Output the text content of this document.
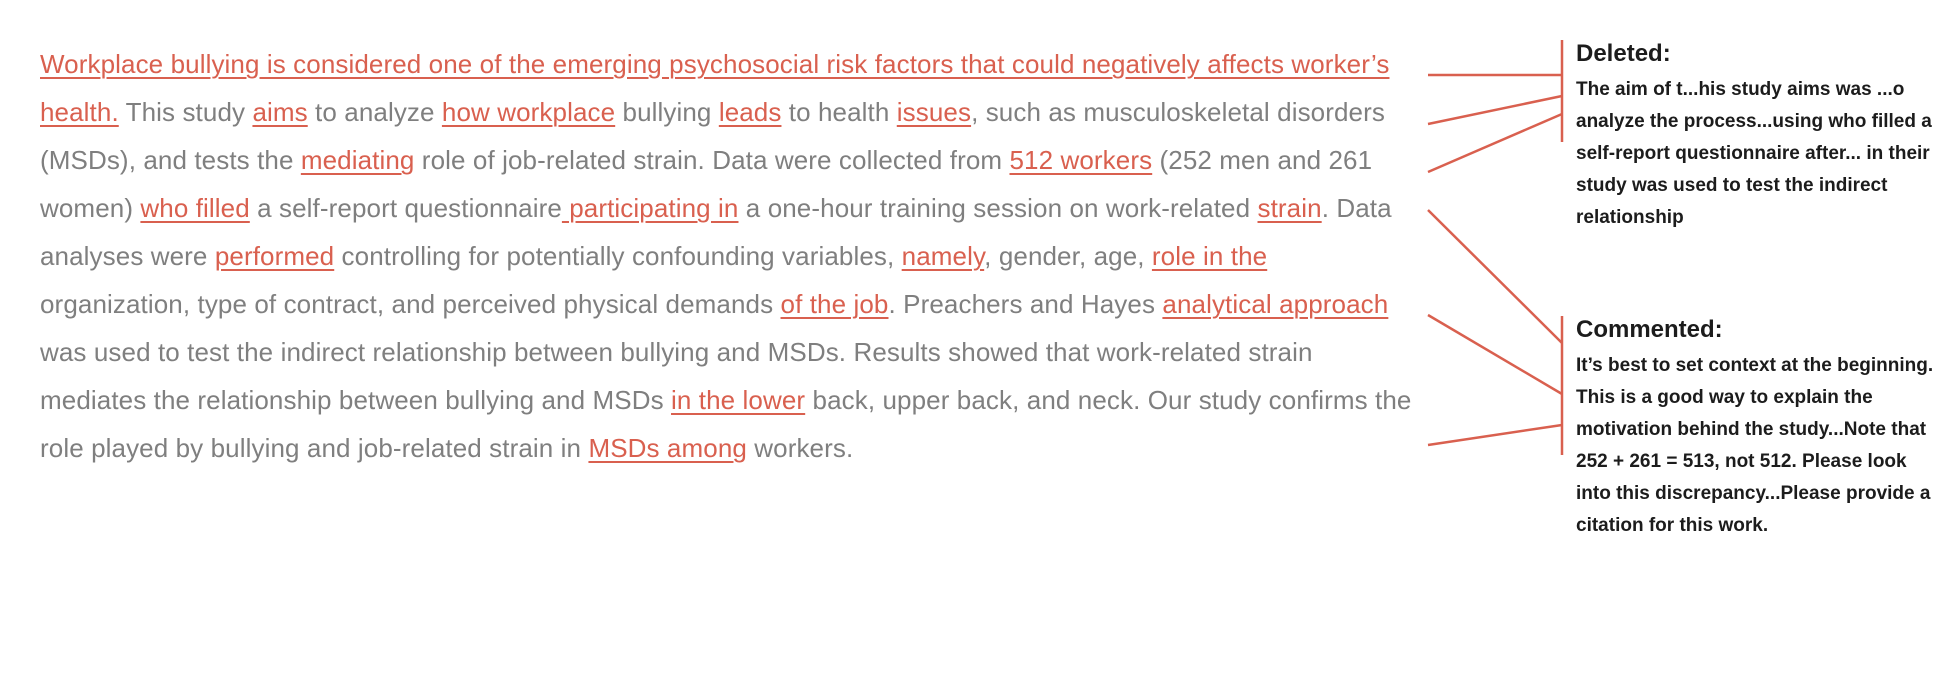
Workplace bullying is considered one of the emerging psychosocial risk factors that could negatively affects worker’s health. This study aims to analyze how workplace bullying leads to health issues, such as musculoskeletal disorders (MSDs), and tests the mediating role of job-related strain. Data were collected from 512 workers (252 men and 261 women) who filled a self-report questionnaire participating in a one-hour training session on work-related strain. Data analyses were performed controlling for potentially confounding variables, namely, gender, age, role in the organization, type of contract, and perceived physical demands of the job. Preachers and Hayes analytical approach was used to test the indirect relationship between bullying and MSDs. Results showed that work-related strain mediates the relationship between bullying and MSDs in the lower back, upper back, and neck. Our study confirms the role played by bullying and job-related strain in MSDs among workers.

Deleted:

The aim of t...his study aims was ...o analyze the process...using who filled a self-report questionnaire after... in their study was used to test the indirect relationship

Commented:

It’s best to set context at the beginning. This is a good way to explain the motivation behind the study...Note that 252 + 261 = 513, not 512. Please look into this discrepancy...Please provide a citation for this work.
